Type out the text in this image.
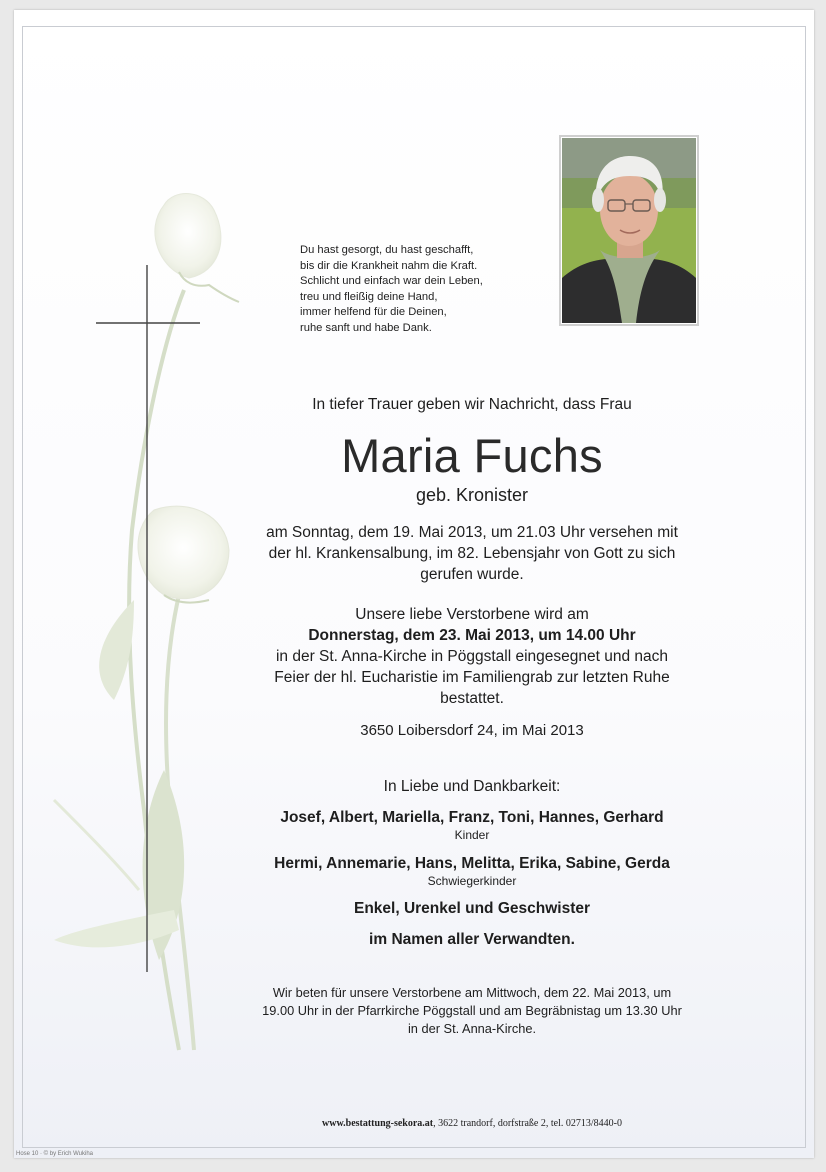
Du hast gesorgt, du hast geschafft,
bis dir die Krankheit nahm die Kraft.
Schlicht und einfach war dein Leben,
treu und fleißig deine Hand,
immer helfend für die Deinen,
ruhe sanft und habe Dank.
In tiefer Trauer geben wir Nachricht, dass Frau
Maria Fuchs
geb. Kronister
am Sonntag, dem 19. Mai 2013, um 21.03 Uhr versehen mit
der hl. Krankensalbung, im 82. Lebensjahr von Gott zu sich
gerufen wurde.
Unsere liebe Verstorbene wird am
Donnerstag, dem 23. Mai 2013, um 14.00 Uhr
in der St. Anna-Kirche in Pöggstall eingesegnet und nach
Feier der hl. Eucharistie im Familiengrab zur letzten Ruhe
bestattet.
3650 Loibersdorf 24, im Mai 2013
In Liebe und Dankbarkeit:
Josef, Albert, Mariella, Franz, Toni, Hannes, Gerhard
Kinder
Hermi, Annemarie, Hans, Melitta, Erika, Sabine, Gerda
Schwiegerkinder
Enkel, Urenkel und Geschwister
im Namen aller Verwandten.
Wir beten für unsere Verstorbene am Mittwoch, dem 22. Mai 2013, um
19.00 Uhr in der Pfarrkirche Pöggstall und am Begräbnistag um 13.30 Uhr
in der St. Anna-Kirche.
www.bestattung-sekora.at, 3622 trandorf, dorfstraße 2, tel. 02713/8440-0
Hose 10 · © by Erich Wukiha
